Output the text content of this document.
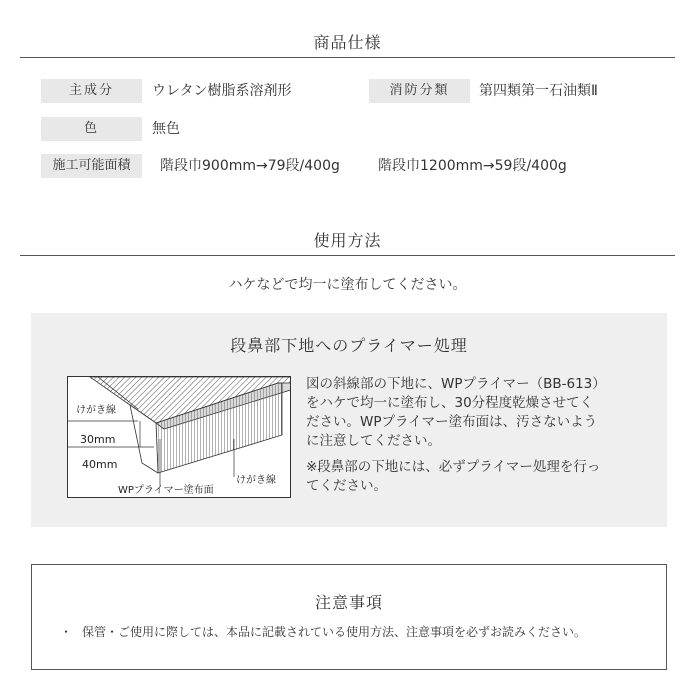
商品仕様
主成分	ウレタン樹脂系溶剤形	消防分類	第四類第一石油類Ⅱ
色	無色
施工可能面積	階段巾900mm→79段/400g	階段巾1200mm→59段/400g
使用方法
ハケなどで均一に塗布してください。
段鼻部下地へのプライマー処理
けがき線
30mm
40mm
WPプライマー塗布面
けがき線
図の斜線部の下地に、WPプライマー（BB-613）
をハケで均一に塗布し、30分程度乾燥させてく
ださい。WPプライマー塗布面は、汚さないよう
に注意してください。
※段鼻部の下地には、必ずプライマー処理を行っ
てください。
注意事項
・ 保管・ご使用に際しては、本品に記載されている使用方法、注意事項を必ずお読みください。
